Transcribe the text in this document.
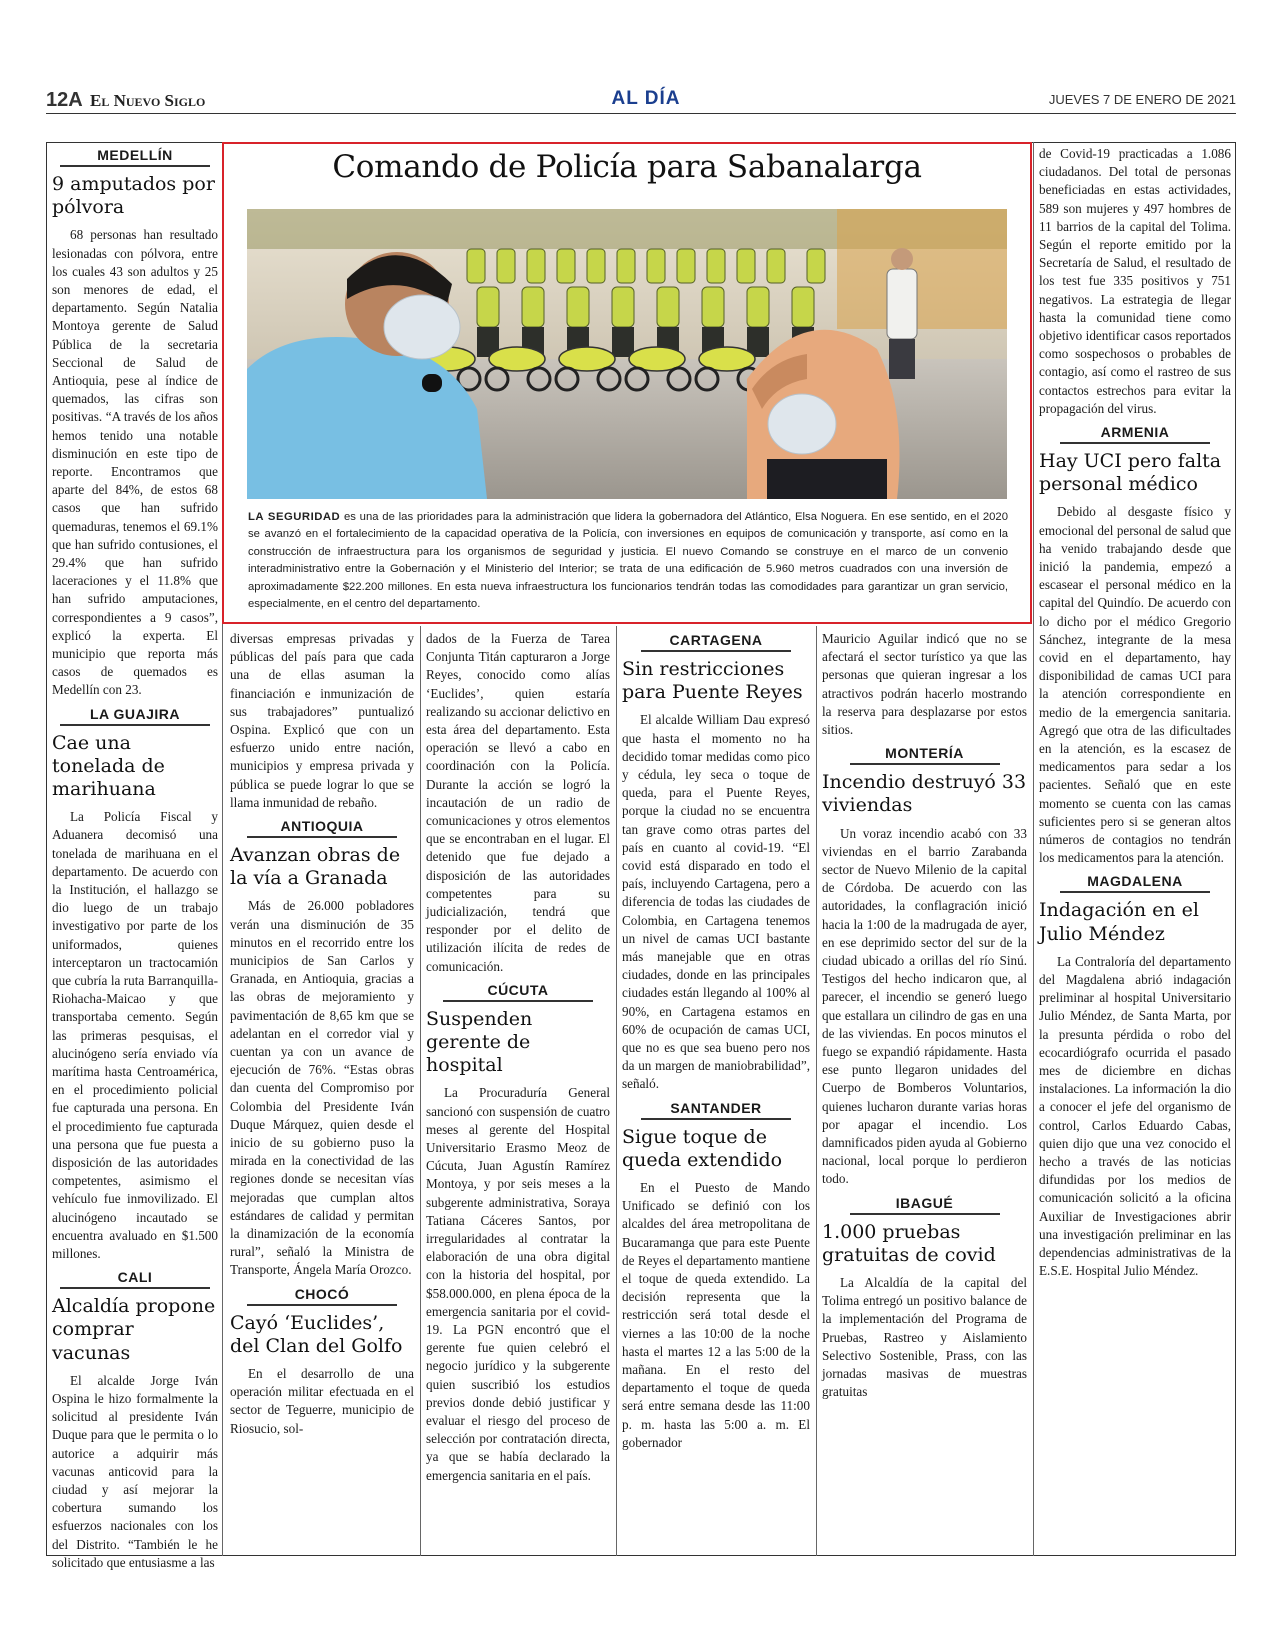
12A El Nuevo Siglo	AL DÍA	JUEVES 7 DE ENERO DE 2021
MEDELLÍN
9 amputados por pólvora

68 personas han resultado lesionadas con pólvora, entre los cuales 43 son adultos y 25 son menores de edad, el departamento. Según Natalia Montoya gerente de Salud Pública de la secretaria Seccional de Salud de Antioquia, pese al índice de quemados, las cifras son positivas. “A través de los años hemos tenido una notable disminución en este tipo de reporte. Encontramos que aparte del 84%, de estos 68 casos que han sufrido quemaduras, tenemos el 69.1% que han sufrido contusiones, el 29.4% que han sufrido laceraciones y el 11.8% que han sufrido amputaciones, correspondientes a 9 casos”, explicó la experta. El municipio que reporta más casos de quemados es Medellín con 23.

LA GUAJIRA
Cae una tonelada de marihuana

La Policía Fiscal y Aduanera decomisó una tonelada de marihuana en el departamento. De acuerdo con la Institución, el hallazgo se dio luego de un trabajo investigativo por parte de los uniformados, quienes interceptaron un tractocamión que cubría la ruta Barranquilla-Riohacha-Maicao y que transportaba cemento. Según las primeras pesquisas, el alucinógeno sería enviado vía marítima hasta Centroamérica, en el procedimiento policial fue capturada una persona. En el procedimiento fue capturada una persona que fue puesta a disposición de las autoridades competentes, asimismo el vehículo fue inmovilizado. El alucinógeno incautado se encuentra avaluado en $1.500 millones.

CALI
Alcaldía propone comprar vacunas

El alcalde Jorge Iván Ospina le hizo formalmente la solicitud al presidente Iván Duque para que le permita o lo autorice a adquirir más vacunas anticovid para la ciudad y así mejorar la cobertura sumando los esfuerzos nacionales con los del Distrito. “También le he solicitado que entusiasme a las

Comando de Policía para Sabanalarga

LA SEGURIDAD es una de las prioridades para la administración que lidera la gobernadora del Atlántico, Elsa Noguera. En ese sentido, en el 2020 se avanzó en el fortalecimiento de la capacidad operativa de la Policía, con inversiones en equipos de comunicación y transporte, así como en la construcción de infraestructura para los organismos de seguridad y justicia. El nuevo Comando se construye en el marco de un convenio interadministrativo entre la Gobernación y el Ministerio del Interior; se trata de una edificación de 5.960 metros cuadrados con una inversión de aproximadamente $22.200 millones. En esta nueva infraestructura los funcionarios tendrán todas las comodidades para garantizar un gran servicio, especialmente, en el centro del departamento.

diversas empresas privadas y públicas del país para que cada una de ellas asuman la financiación e inmunización de sus trabajadores” puntualizó Ospina. Explicó que con un esfuerzo unido entre nación, municipios y empresa privada y pública se puede lograr lo que se llama inmunidad de rebaño.

ANTIOQUIA
Avanzan obras de la vía a Granada

Más de 26.000 pobladores verán una disminución de 35 minutos en el recorrido entre los municipios de San Carlos y Granada, en Antioquia, gracias a las obras de mejoramiento y pavimentación de 8,65 km que se adelantan en el corredor vial y cuentan ya con un avance de ejecución de 76%. “Estas obras dan cuenta del Compromiso por Colombia del Presidente Iván Duque Márquez, quien desde el inicio de su gobierno puso la mirada en la conectividad de las regiones donde se necesitan vías mejoradas que cumplan altos estándares de calidad y permitan la dinamización de la economía rural”, señaló la Ministra de Transporte, Ángela María Orozco.

CHOCÓ
Cayó ‘Euclides’, del Clan del Golfo

En el desarrollo de una operación militar efectuada en el sector de Teguerre, municipio de Riosucio, sol-

dados de la Fuerza de Tarea Conjunta Titán capturaron a Jorge Reyes, conocido como alías ‘Euclides’, quien estaría realizando su accionar delictivo en esta área del departamento. Esta operación se llevó a cabo en coordinación con la Policía. Durante la acción se logró la incautación de un radio de comunicaciones y otros elementos que se encontraban en el lugar. El detenido que fue dejado a disposición de las autoridades competentes para su judicialización, tendrá que responder por el delito de utilización ilícita de redes de comunicación.

CÚCUTA
Suspenden gerente de hospital

La Procuraduría General sancionó con suspensión de cuatro meses al gerente del Hospital Universitario Erasmo Meoz de Cúcuta, Juan Agustín Ramírez Montoya, y por seis meses a la subgerente administrativa, Soraya Tatiana Cáceres Santos, por irregularidades al contratar la elaboración de una obra digital con la historia del hospital, por $58.000.000, en plena época de la emergencia sanitaria por el covid-19. La PGN encontró que el gerente fue quien celebró el negocio jurídico y la subgerente quien suscribió los estudios previos donde debió justificar y evaluar el riesgo del proceso de selección por contratación directa, ya que se había declarado la emergencia sanitaria en el país.

CARTAGENA
Sin restricciones para Puente Reyes

El alcalde William Dau expresó que hasta el momento no ha decidido tomar medidas como pico y cédula, ley seca o toque de queda, para el Puente Reyes, porque la ciudad no se encuentra tan grave como otras partes del país en cuanto al covid-19. “El covid está disparado en todo el país, incluyendo Cartagena, pero a diferencia de todas las ciudades de Colombia, en Cartagena tenemos un nivel de camas UCI bastante más manejable que en otras ciudades, donde en las principales ciudades están llegando al 100% al 90%, en Cartagena estamos en 60% de ocupación de camas UCI, que no es que sea bueno pero nos da un margen de maniobrabilidad”, señaló.

SANTANDER
Sigue toque de queda extendido

En el Puesto de Mando Unificado se definió con los alcaldes del área metropolitana de Bucaramanga que para este Puente de Reyes el departamento mantiene el toque de queda extendido. La decisión representa que la restricción será total desde el viernes a las 10:00 de la noche hasta el martes 12 a las 5:00 de la mañana. En el resto del departamento el toque de queda será entre semana desde las 11:00 p. m. hasta las 5:00 a. m. El gobernador

Mauricio Aguilar indicó que no se afectará el sector turístico ya que las personas que quieran ingresar a los atractivos podrán hacerlo mostrando la reserva para desplazarse por estos sitios.

MONTERÍA
Incendio destruyó 33 viviendas

Un voraz incendio acabó con 33 viviendas en el barrio Zarabanda sector de Nuevo Milenio de la capital de Córdoba. De acuerdo con las autoridades, la conflagración inició hacia la 1:00 de la madrugada de ayer, en ese deprimido sector del sur de la ciudad ubicado a orillas del río Sinú. Testigos del hecho indicaron que, al parecer, el incendio se generó luego que estallara un cilindro de gas en una de las viviendas. En pocos minutos el fuego se expandió rápidamente. Hasta ese punto llegaron unidades del Cuerpo de Bomberos Voluntarios, quienes lucharon durante varias horas por apagar el incendio. Los damnificados piden ayuda al Gobierno nacional, local porque lo perdieron todo.

IBAGUÉ
1.000 pruebas gratuitas de covid

La Alcaldía de la capital del Tolima entregó un positivo balance de la implementación del Programa de Pruebas, Rastreo y Aislamiento Selectivo Sostenible, Prass, con las jornadas masivas de muestras gratuitas

de Covid-19 practicadas a 1.086 ciudadanos. Del total de personas beneficiadas en estas actividades, 589 son mujeres y 497 hombres de 11 barrios de la capital del Tolima. Según el reporte emitido por la Secretaría de Salud, el resultado de los test fue 335 positivos y 751 negativos. La estrategia de llegar hasta la comunidad tiene como objetivo identificar casos reportados como sospechosos o probables de contagio, así como el rastreo de sus contactos estrechos para evitar la propagación del virus.

ARMENIA
Hay UCI pero falta personal médico

Debido al desgaste físico y emocional del personal de salud que ha venido trabajando desde que inició la pandemia, empezó a escasear el personal médico en la capital del Quindío. De acuerdo con lo dicho por el médico Gregorio Sánchez, integrante de la mesa covid en el departamento, hay disponibilidad de camas UCI para la atención correspondiente en medio de la emergencia sanitaria. Agregó que otra de las dificultades en la atención, es la escasez de medicamentos para sedar a los pacientes. Señaló que en este momento se cuenta con las camas suficientes pero si se generan altos números de contagios no tendrán los medicamentos para la atención.

MAGDALENA
Indagación en el Julio Méndez

La Contraloría del departamento del Magdalena abrió indagación preliminar al hospital Universitario Julio Méndez, de Santa Marta, por la presunta pérdida o robo del ecocardiógrafo ocurrida el pasado mes de diciembre en dichas instalaciones. La información la dio a conocer el jefe del organismo de control, Carlos Eduardo Cabas, quien dijo que una vez conocido el hecho a través de las noticias difundidas por los medios de comunicación solicitó a la oficina Auxiliar de Investigaciones abrir una investigación preliminar en las dependencias administrativas de la E.S.E. Hospital Julio Méndez.
